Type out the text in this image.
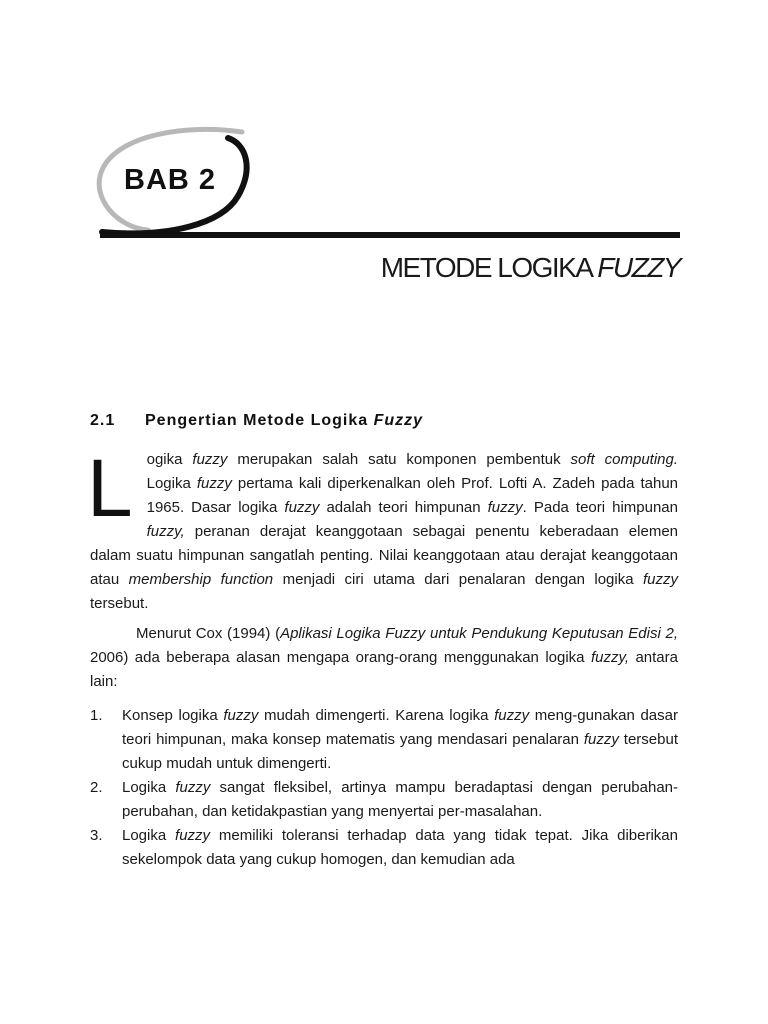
BAB 2
METODE LOGIKA FUZZY
2.1 Pengertian Metode Logika Fuzzy
Logika fuzzy merupakan salah satu komponen pembentuk soft computing. Logika fuzzy pertama kali diperkenalkan oleh Prof. Lofti A. Zadeh pada tahun 1965. Dasar logika fuzzy adalah teori himpunan fuzzy. Pada teori himpunan fuzzy, peranan derajat keanggotaan sebagai penentu keberadaan elemen dalam suatu himpunan sangatlah penting. Nilai keanggotaan atau derajat keanggotaan atau membership function menjadi ciri utama dari penalaran dengan logika fuzzy tersebut.
Menurut Cox (1994) (Aplikasi Logika Fuzzy untuk Pendukung Keputusan Edisi 2, 2006) ada beberapa alasan mengapa orang-orang menggunakan logika fuzzy, antara lain:
1. Konsep logika fuzzy mudah dimengerti. Karena logika fuzzy meng-gunakan dasar teori himpunan, maka konsep matematis yang mendasari penalaran fuzzy tersebut cukup mudah untuk dimengerti.
2. Logika fuzzy sangat fleksibel, artinya mampu beradaptasi dengan perubahan-perubahan, dan ketidakpastian yang menyertai per-masalahan.
3. Logika fuzzy memiliki toleransi terhadap data yang tidak tepat. Jika diberikan sekelompok data yang cukup homogen, dan kemudian ada
